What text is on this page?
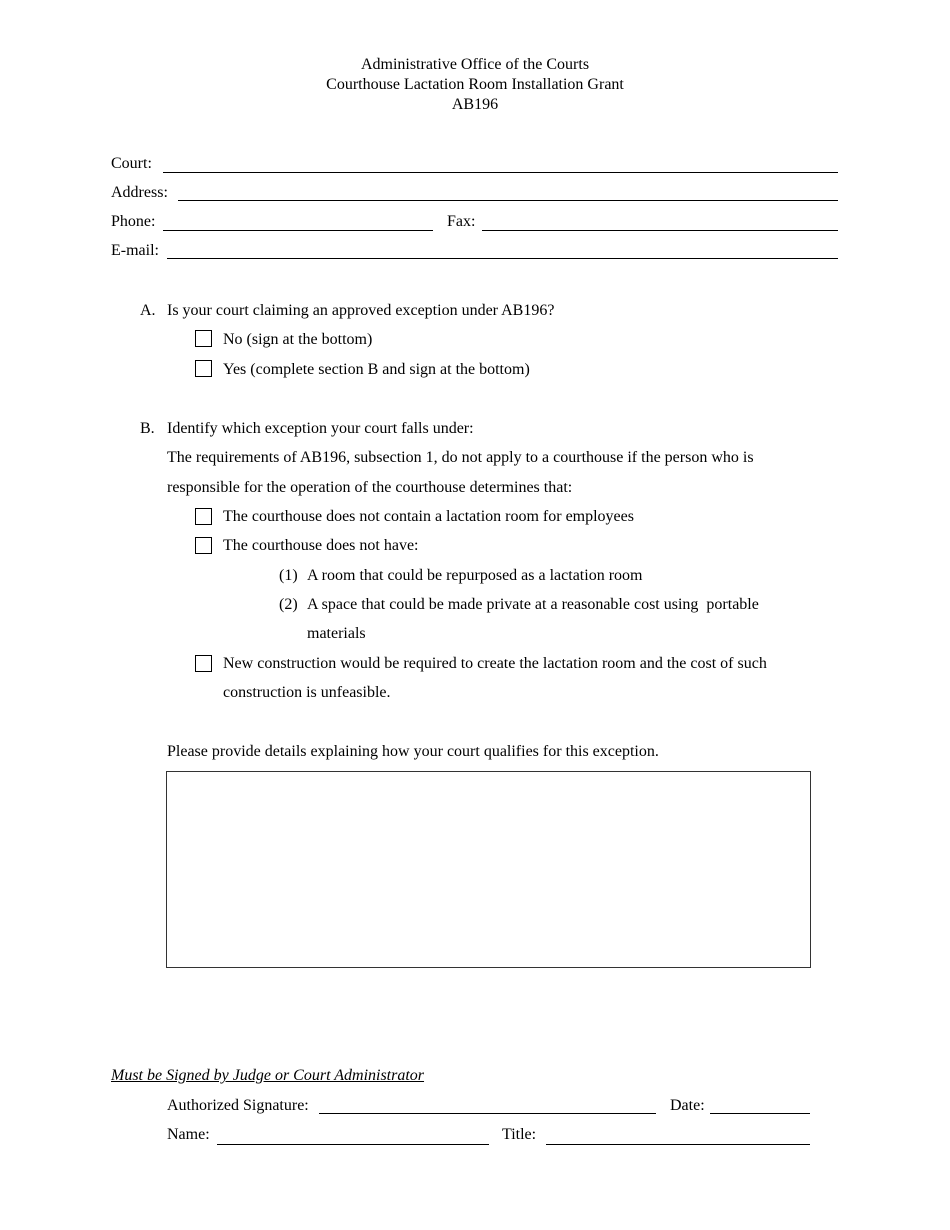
Administrative Office of the Courts
Courthouse Lactation Room Installation Grant
AB196
Court:
Address:
Phone:	Fax:
E-mail:
A. Is your court claiming an approved exception under AB196?
No (sign at the bottom)
Yes (complete section B and sign at the bottom)
B. Identify which exception your court falls under:
The requirements of AB196, subsection 1, do not apply to a courthouse if the person who is
responsible for the operation of the courthouse determines that:
The courthouse does not contain a lactation room for employees
The courthouse does not have:
(1) A room that could be repurposed as a lactation room
(2) A space that could be made private at a reasonable cost using  portable
materials
New construction would be required to create the lactation room and the cost of such
construction is unfeasible.
Please provide details explaining how your court qualifies for this exception.
Must be Signed by Judge or Court Administrator
Authorized Signature:	Date:
Name:	Title:
